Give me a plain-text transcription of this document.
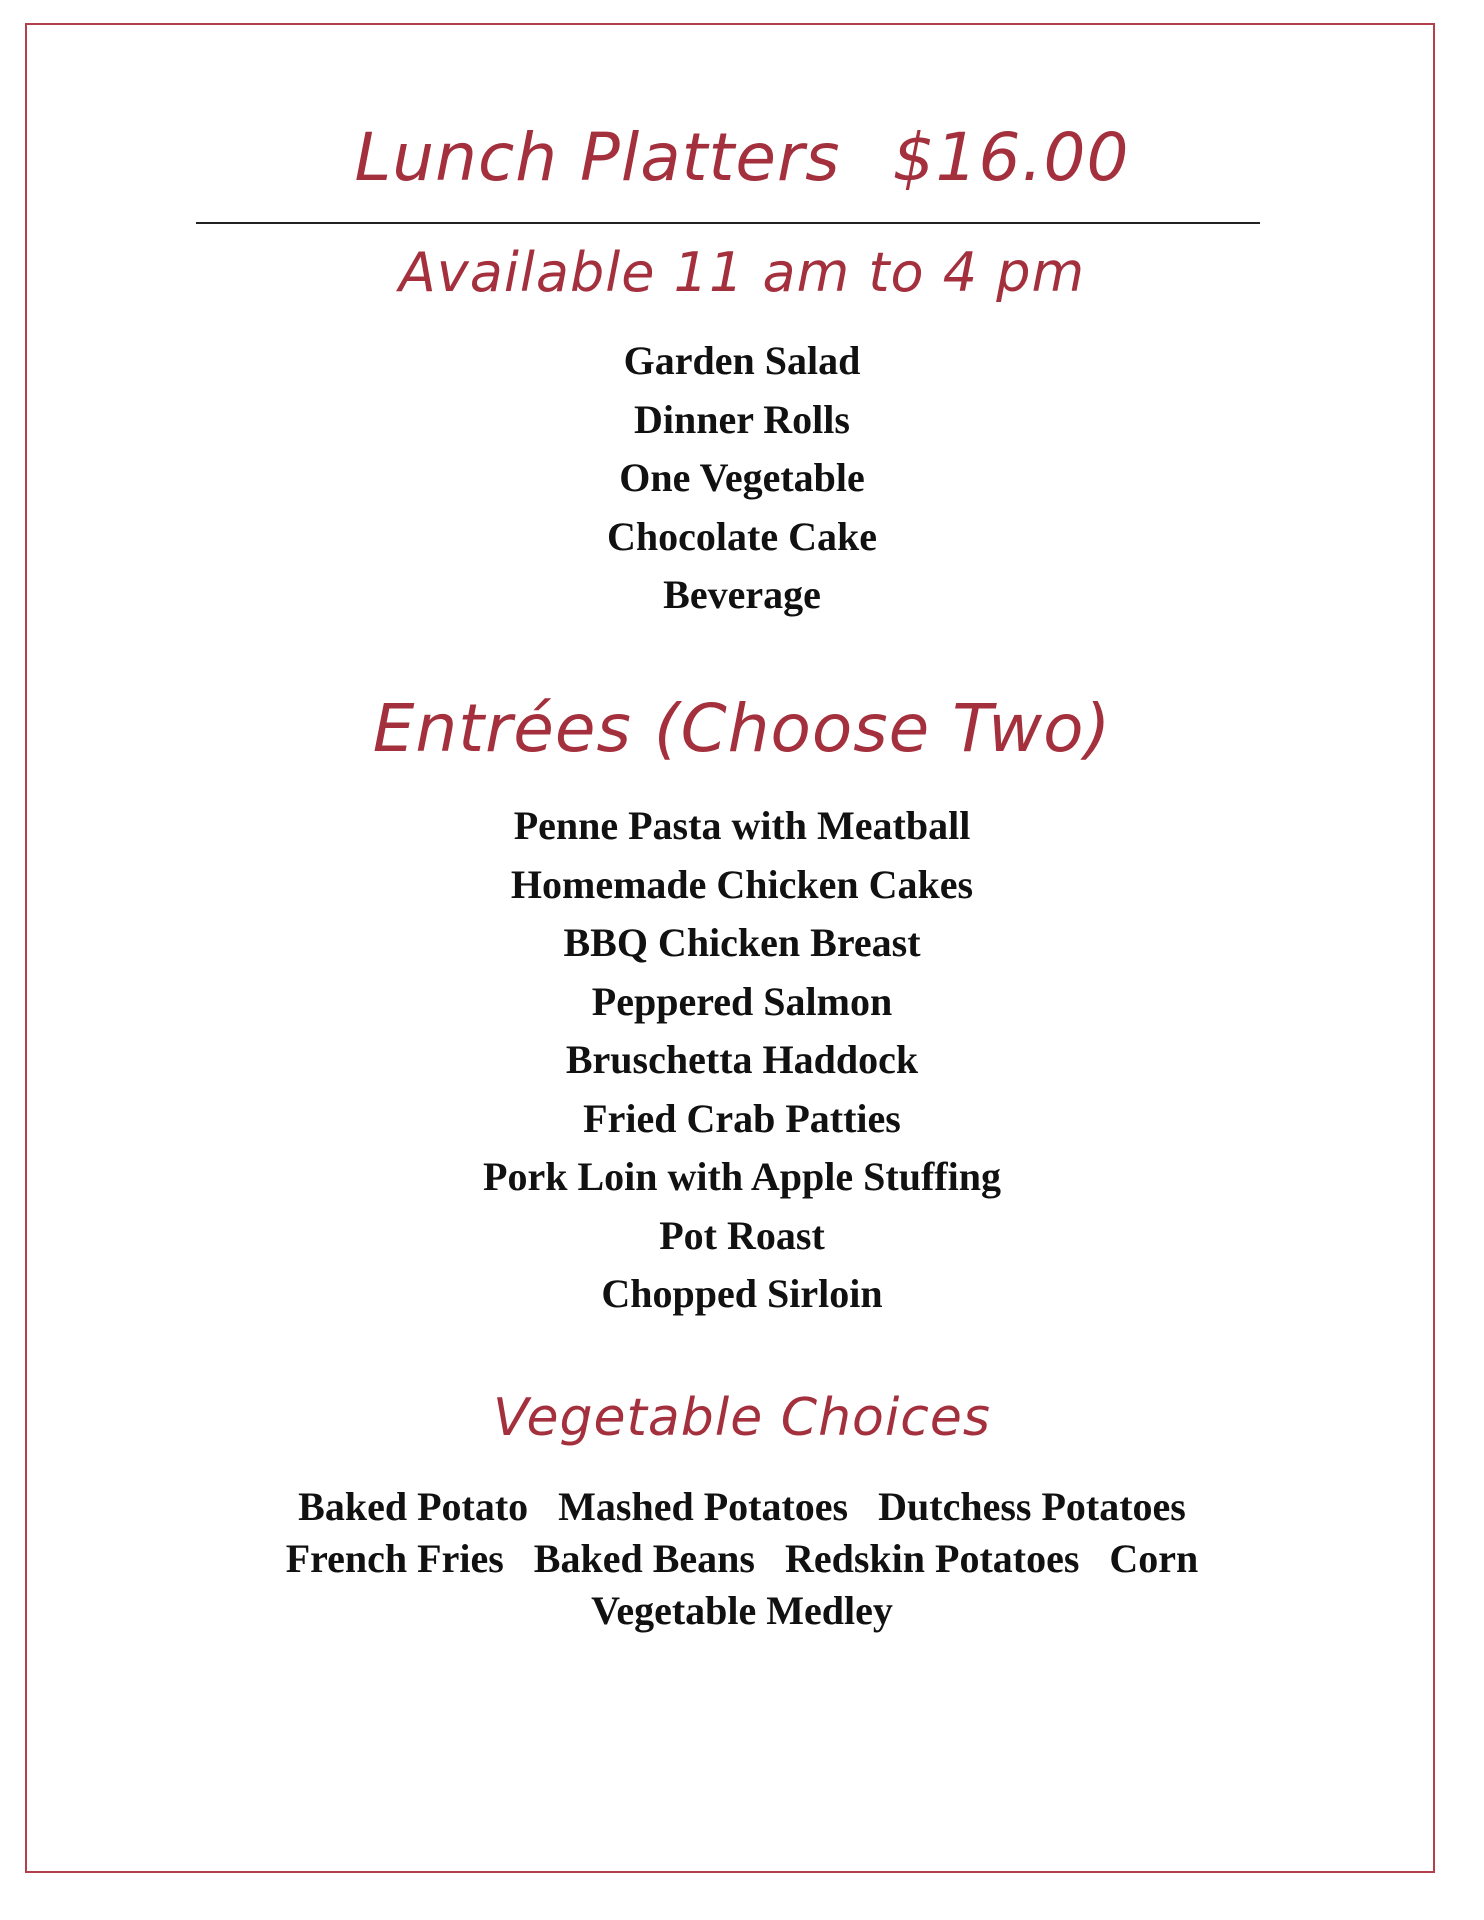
Lunch Platters $16.00
Available 11 am to 4 pm
Garden Salad
Dinner Rolls
One Vegetable
Chocolate Cake
Beverage
Entrées (Choose Two)
Penne Pasta with Meatball
Homemade Chicken Cakes
BBQ Chicken Breast
Peppered Salmon
Bruschetta Haddock
Fried Crab Patties
Pork Loin with Apple Stuffing
Pot Roast
Chopped Sirloin
Vegetable Choices
Baked Potato Mashed Potatoes Dutchess Potatoes
French Fries Baked Beans Redskin Potatoes Corn
Vegetable Medley
